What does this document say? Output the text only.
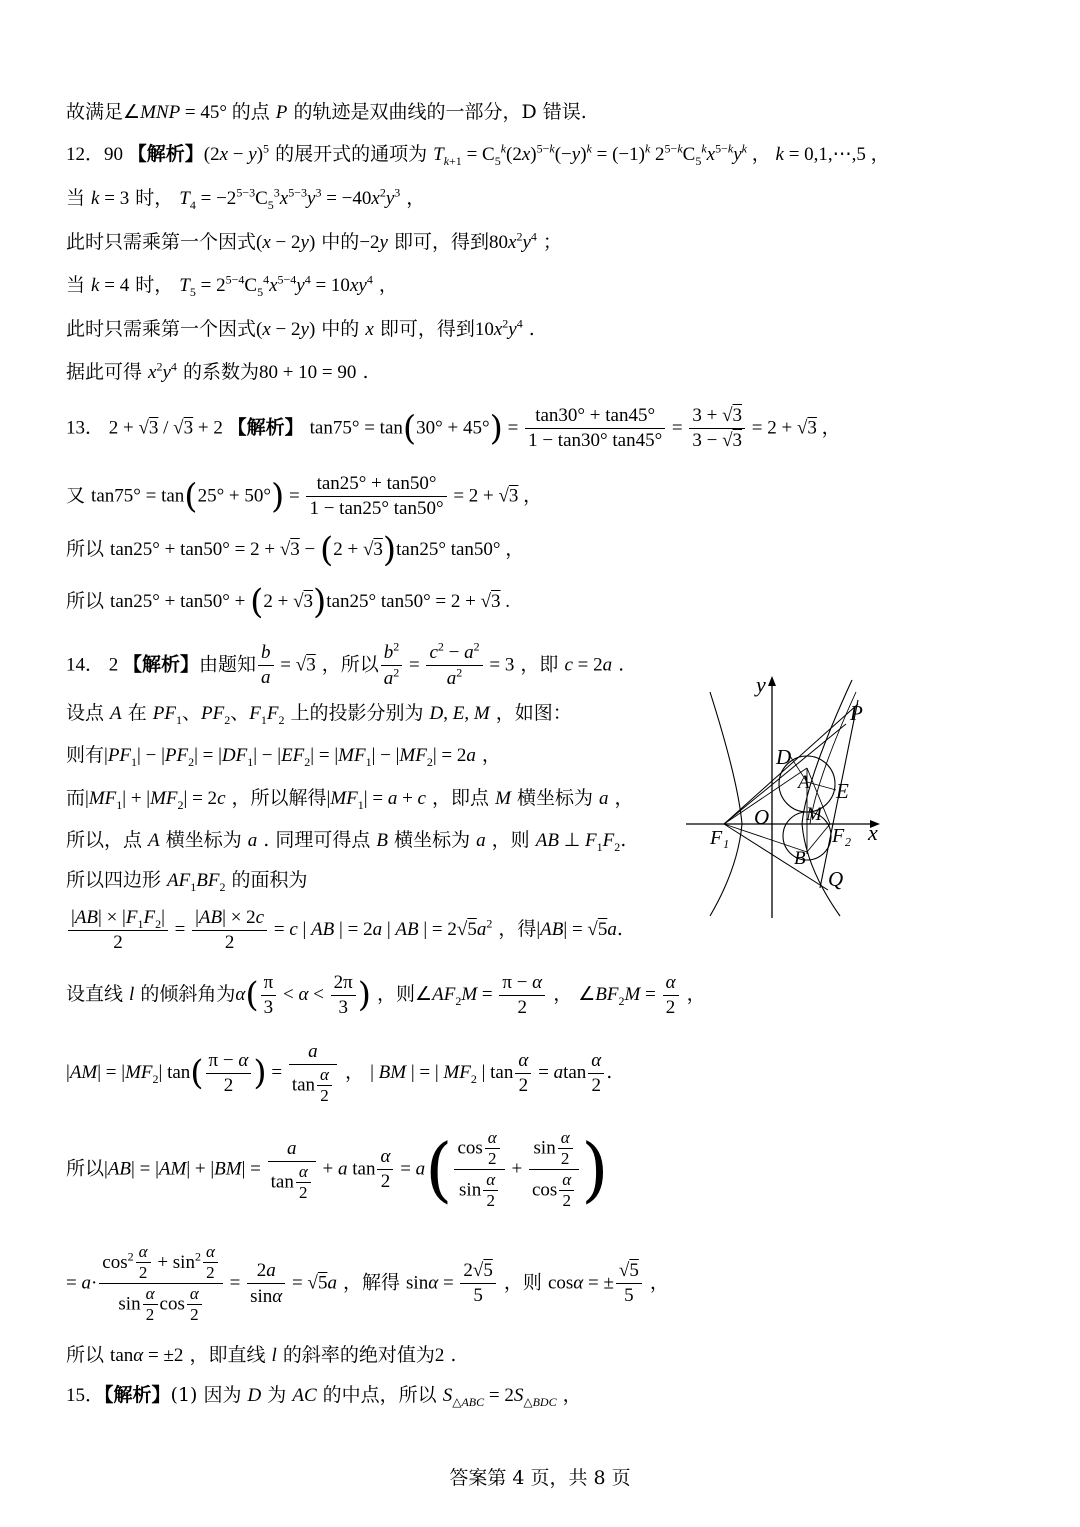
故满足∠MNP = 45° 的点 P 的轨迹是双曲线的一部分，D 错误.
12．90 【解析】$(2x - y)^5$ 的展开式的通项为 $T_{k+1} = C_5^k(2x)^{5-k}(-y)^k = (-1)^k$ $2^{5-k}C_5^kx^{5-k}y^k$ ， k = 0,1,⋯,5 ，
当 k = 3 时， $T_4 = -2^{5-3}C_5^3x^{5-3}y^3 = -40x^2y^3$ ，
此时只需乘第一个因式(x − 2y) 中的−2y 即可，得到$80x^2y^4$ ；
当 k = 4 时， $T_5 = 2^{5-4}C_5^4x^{5-4}y^4 = 10xy^4$ ，
此时只需乘第一个因式(x − 2y) 中的 x 即可，得到$10x^2y^4$ .
据此可得 $x^2y^4$ 的系数为80 + 10 = 90 .
13． 2 + √3 / √3 + 2 【解析】 $\tan 75^\circ = \tan(30^\circ + 45^\circ) = \frac{\tan 30^\circ + \tan 45^\circ}{1 - \tan 30^\circ \tan 45^\circ} = \frac{3 + √3}{3 - √3} = 2 + √3$ ，
又 $\tan 75^\circ = \tan(25^\circ + 50^\circ) = \frac{\tan 25^\circ + \tan 50^\circ}{1 - \tan 25^\circ \tan 50^\circ} = 2 + √3$ ，
所以 tan25° + tan50° = 2 + √3 − (2 + √3)tan25° tan50° ，
所以 tan25° + tan50° + (2 + √3)tan25° tan50° = 2 + √3 .
14． 2 【解析】由题知 $\frac{b}{a} = √3$ ，所以 $\frac{b^2}{a^2} = \frac{c^2 - a^2}{a^2} = 3$ ，即 c = 2a .
设点 A 在 $PF_1$、$PF_2$、$F_1F_2$ 上的投影分别为 D, E, M ，如图：
则有$|PF_1| - |PF_2| = |DF_1| - |EF_2| = |MF_1| - |MF_2| = 2a$ ，
而$|MF_1| + |MF_2| = 2c$ ，所以解得$|MF_1| = a + c$ ，即点 M 横坐标为 a ，
所以，点 A 横坐标为 a . 同理可得点 B 横坐标为 a ，则 AB ⊥ $F_1F_2$.
所以四边形 $AF_1BF_2$ 的面积为
$\frac{|AB| \times |F_1F_2|}{2} = \frac{|AB| \times 2c}{2} = c$ | AB | = 2a | AB | = $2√5a^2$ ，得|AB| = √5a.
设直线 l 的倾斜角为$\alpha( \frac{\pi}{3} < \alpha < \frac{2\pi}{3}$ ) ，则$\angle AF_2M = \frac{\pi - \alpha}{2}$ ， $\angle BF_2M = \frac{\alpha}{2}$ ，
$|AM| = |MF_2|$ $\tan( \frac{\pi - \alpha}{2}$ ) = $\frac{a}{\tan \frac{\alpha}{2}}$ ， | BM | = | $MF_2$ | $\tan \frac{\alpha}{2} = atan \frac{\alpha}{2}$ .
所以$|AB| = |AM| + |BM| = \frac{a}{\tan \frac{\alpha}{2}} + a$ $\tan \frac{\alpha}{2} = a( \frac{\cos \frac{\alpha}{2}}{\sin \frac{\alpha}{2}} + \frac{\sin \frac{\alpha}{2}}{\cos \frac{\alpha}{2}}$ )
= $a\cdot \frac{\cos^2 \frac{\alpha}{2} + \sin^2 \frac{\alpha}{2}}{\sin \frac{\alpha}{2} \cos \frac{\alpha}{2}} = \frac{2a}{\sin\alpha} = √5a$ ，解得 $\sin\alpha = \frac{2√5}{5}$ ，则 cosα = ± $\frac{√5}{5}$ ，
所以 tanα = ±2 ，即直线 l 的斜率的绝对值为2 .
15．【解析】(1) 因为 D 为 AC 的中点，所以 $S_{\triangle ABC} = 2S_{\triangle BDC}$ ，
y
x
P
D
A E
O M
F₁	F₂
B
Q
答案第 4 页，共 8 页
